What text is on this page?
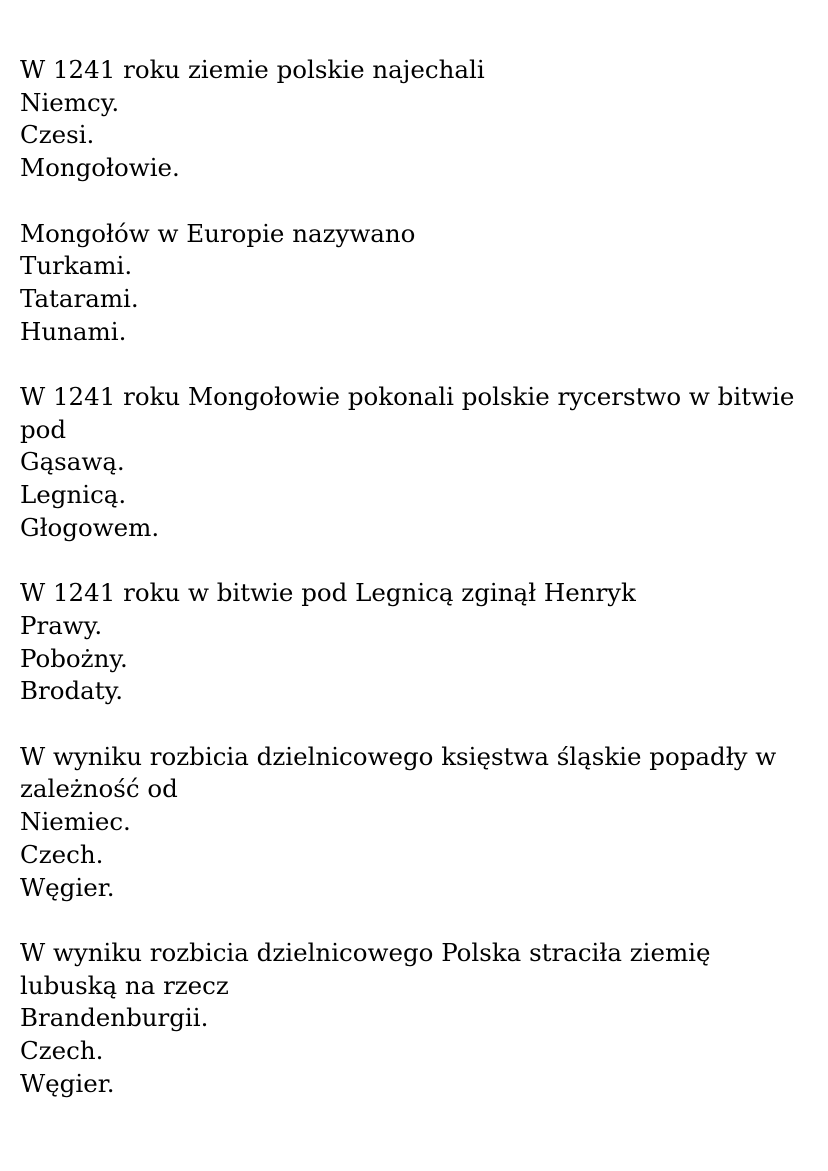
W 1241 roku ziemie polskie najechali
Niemcy.
Czesi.
Mongołowie.
Mongołów w Europie nazywano
Turkami.
Tatarami.
Hunami.
W 1241 roku Mongołowie pokonali polskie rycerstwo w bitwie pod
Gąsawą.
Legnicą.
Głogowem.
W 1241 roku w bitwie pod Legnicą zginął Henryk
Prawy.
Pobożny.
Brodaty.
W wyniku rozbicia dzielnicowego księstwa śląskie popadły w zależność od
Niemiec.
Czech.
Węgier.
W wyniku rozbicia dzielnicowego Polska straciła ziemię lubuską na rzecz
Brandenburgii.
Czech.
Węgier.
